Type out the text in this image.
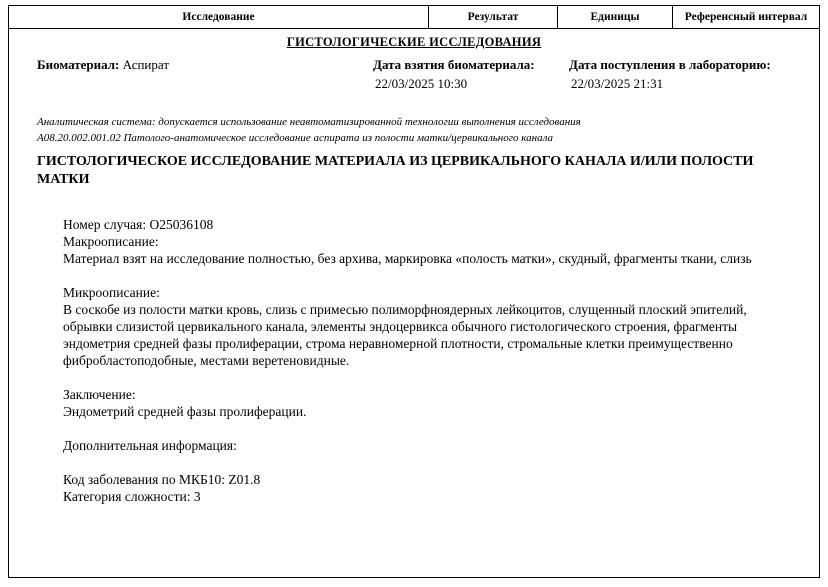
Исследование	Результат	Единицы	Референсный интервал
ГИСТОЛОГИЧЕСКИЕ ИССЛЕДОВАНИЯ
Биоматериал: Аспират	Дата взятия биоматериала:
22/03/2025 10:30
Дата поступления в лабораторию:
22/03/2025 21:31
Аналитическая система: допускается использование неавтоматизированной технологии выполнения исследования
A08.20.002.001.02 Патолого-анатомическое исследование аспирата из полости матки/цервикального канала
ГИСТОЛОГИЧЕСКОЕ ИССЛЕДОВАНИЕ МАТЕРИАЛА ИЗ ЦЕРВИКАЛЬНОГО КАНАЛА И/ИЛИ ПОЛОСТИ МАТКИ
Номер случая: O25036108
Макроописание:
Материал взят на исследование полностью, без архива, маркировка «полость матки», скудный, фрагменты ткани, слизь
Микроописание:
В соскобе из полости матки кровь, слизь с примесью полиморфноядерных лейкоцитов, слущенный плоский эпителий, обрывки слизистой цервикального канала, элементы эндоцервикса обычного гистологического строения, фрагменты эндометрия средней фазы пролиферации, строма неравномерной плотности, стромальные клетки преимущественно фибробластоподобные, местами веретеновидные.
Заключение:
Эндометрий средней фазы пролиферации.
Дополнительная информация:
Код заболевания по МКБ10: Z01.8
Категория сложности: 3
